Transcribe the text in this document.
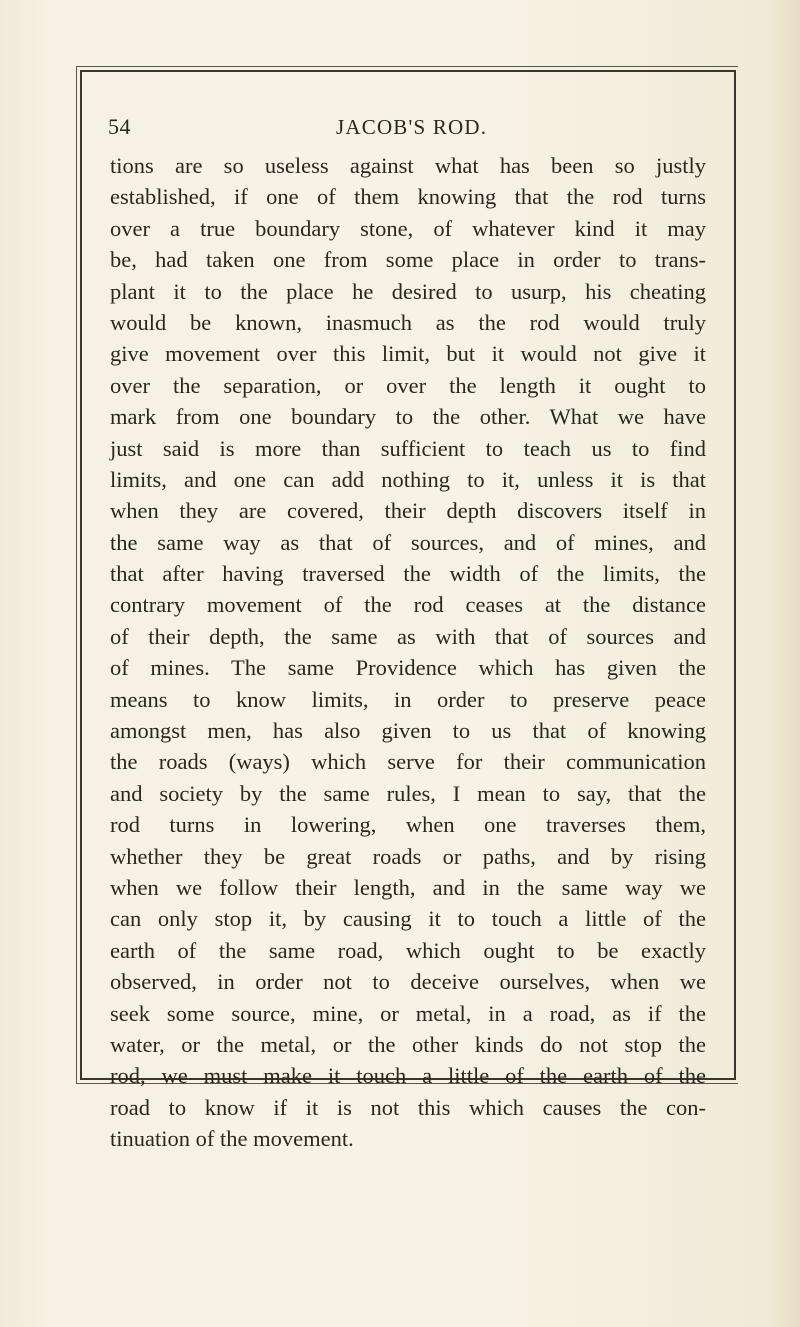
54	JACOB'S ROD.
tions are so useless against what has been so justly
established, if one of them knowing that the rod turns
over a true boundary stone, of whatever kind it may
be, had taken one from some place in order to trans-
plant it to the place he desired to usurp, his cheating
would be known, inasmuch as the rod would truly
give movement over this limit, but it would not give it
over the separation, or over the length it ought to
mark from one boundary to the other. What we have
just said is more than sufficient to teach us to find
limits, and one can add nothing to it, unless it is that
when they are covered, their depth discovers itself in
the same way as that of sources, and of mines, and
that after having traversed the width of the limits, the
contrary movement of the rod ceases at the distance
of their depth, the same as with that of sources and
of mines. The same Providence which has given the
means to know limits, in order to preserve peace
amongst men, has also given to us that of knowing
the roads (ways) which serve for their communication
and society by the same rules, I mean to say, that the
rod turns in lowering, when one traverses them,
whether they be great roads or paths, and by rising
when we follow their length, and in the same way we
can only stop it, by causing it to touch a little of the
earth of the same road, which ought to be exactly
observed, in order not to deceive ourselves, when we
seek some source, mine, or metal, in a road, as if the
water, or the metal, or the other kinds do not stop the
rod, we must make it touch a little of the earth of the
road to know if it is not this which causes the con-
tinuation of the movement.
